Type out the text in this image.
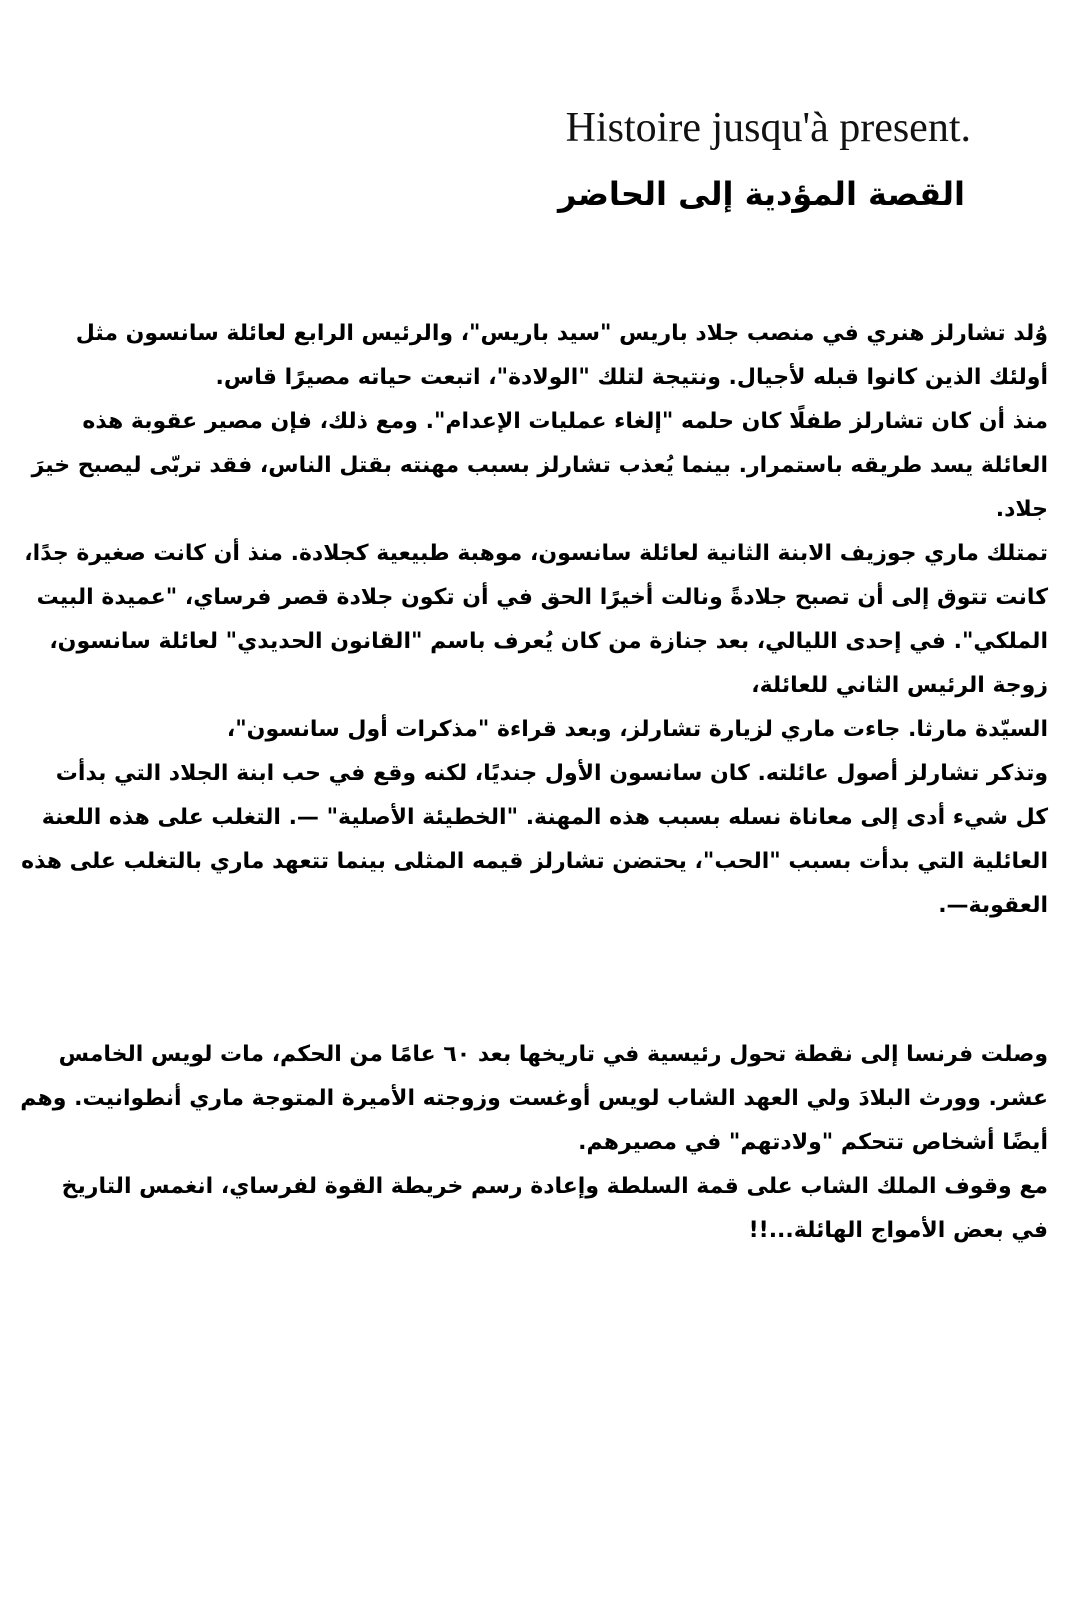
Histoire jusqu'à present.
القصة المؤدية إلى الحاضر

وُلد تشارلز هنري في منصب جلاد باريس "سيد باريس"، والرئيس الرابع لعائلة سانسون مثل أولئك الذين كانوا قبله لأجيال. ونتيجة لتلك "الولادة"، اتبعت حياته مصيرًا قاس.

منذ أن كان تشارلز طفلًا كان حلمه "إلغاء عمليات الإعدام". ومع ذلك، فإن مصير عقوبة هذه العائلة يسد طريقه باستمرار. بينما يُعذب تشارلز بسبب مهنته بقتل الناس، فقد تربّى ليصبح خيرَ جلاد.

تمتلك ماري جوزيف الابنة الثانية لعائلة سانسون، موهبة طبيعية كجلادة. منذ أن كانت صغيرة جدًا، كانت تتوق إلى أن تصبح جلادةً ونالت أخيرًا الحق في أن تكون جلادة قصر فرساي، "عميدة البيت الملكي". في إحدى الليالي، بعد جنازة من كان يُعرف باسم "القانون الحديدي" لعائلة سانسون، زوجة الرئيس الثاني للعائلة،

السيّدة مارثا. جاءت ماري لزيارة تشارلز، وبعد قراءة "مذكرات أول سانسون"،

وتذكر تشارلز أصول عائلته. كان سانسون الأول جنديًا، لكنه وقع في حب ابنة الجلاد التي بدأت كل شيء أدى إلى معاناة نسله بسبب هذه المهنة. "الخطيئة الأصلية" —. التغلب على هذه اللعنة العائلية التي بدأت بسبب "الحب"، يحتضن تشارلز قيمه المثلى بينما تتعهد ماري بالتغلب على هذه العقوبة—.

وصلت فرنسا إلى نقطة تحول رئيسية في تاريخها بعد ٦٠ عامًا من الحكم، مات لويس الخامس عشر. وورث البلادَ ولي العهد الشاب لويس أوغست وزوجته الأميرة المتوجة ماري أنطوانيت. وهم أيضًا أشخاص تتحكم "ولادتهم" في مصيرهم.

مع وقوف الملك الشاب على قمة السلطة وإعادة رسم خريطة القوة لفرساي، انغمس التاريخ في بعض الأمواج الهائلة...!!
